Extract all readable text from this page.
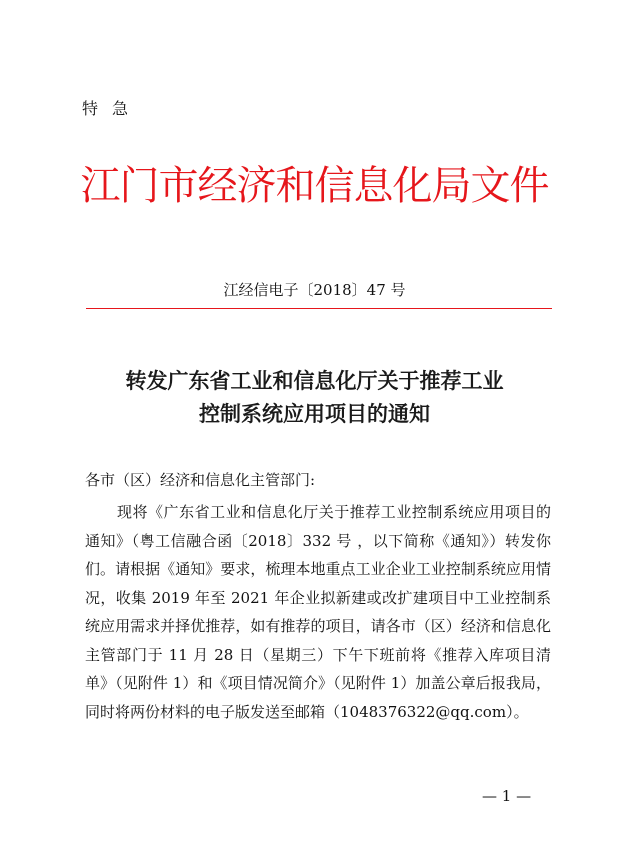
特急
江门市经济和信息化局文件
江经信电子〔2018〕47 号
转发广东省工业和信息化厅关于推荐工业
控制系统应用项目的通知
各市（区）经济和信息化主管部门:

现将《广东省工业和信息化厅关于推荐工业控制系统应用项目的通知》（粤工信融合函〔2018〕332 号 ，以下简称《通知》）转发你们。请根据《通知》要求，梳理本地重点工业企业工业控制系统应用情况，收集 2019 年至 2021 年企业拟新建或改扩建项目中工业控制系统应用需求并择优推荐，如有推荐的项目，请各市（区）经济和信息化主管部门于 11 月 28 日（星期三）下午下班前将《推荐入库项目清单》（见附件 1）和《项目情况简介》（见附件 1）加盖公章后报我局，同时将两份材料的电子版发送至邮箱（1048376322@qq.com）。

— 1 —
